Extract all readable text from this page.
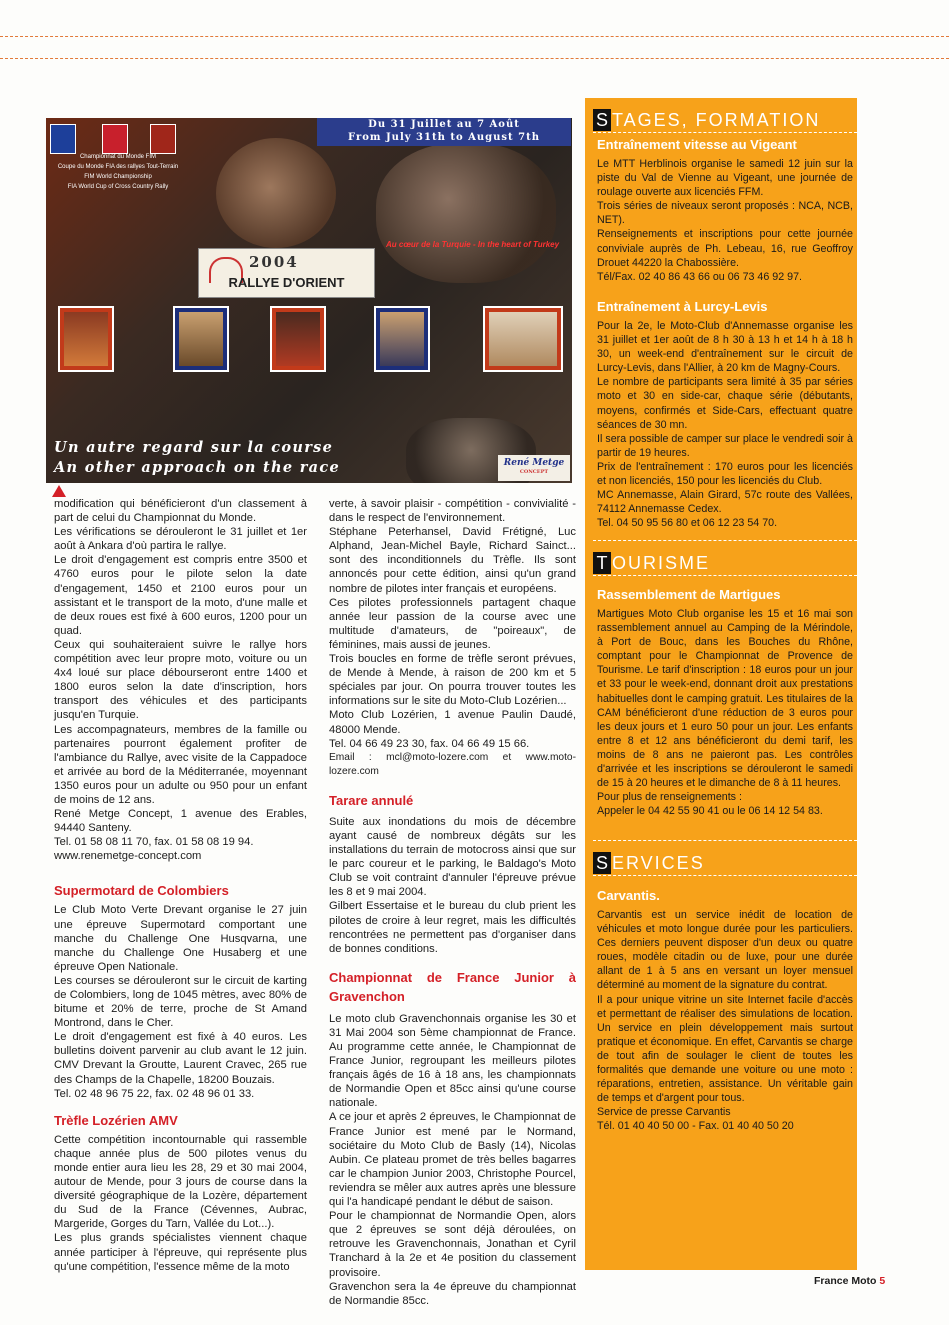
Championnat du Monde FIM
Coupe du Monde FIA des rallyes Tout-Terrain
FIM World Championship
FIA World Cup of Cross Country Rally
Du 31 Juillet au 7 Août
From July 31th to August 7th
Au cœur de la Turquie - In the heart of Turkey
2004
RALLYE D'ORIENT
Un autre regard sur la course
An other approach on the race	René Metge
CONCEPT

modification qui bénéficieront d'un classement à part de celui du Championnat du Monde.

Les vérifications se dérouleront le 31 juillet et 1er août à Ankara d'où partira le rallye.

Le droit d'engagement est compris entre 3500 et 4760 euros pour le pilote selon la date d'engagement, 1450 et 2100 euros pour un assistant et le transport de la moto, d'une malle et de deux roues est fixé à 600 euros, 1200 pour un quad.

Ceux qui souhaiteraient suivre le rallye hors compétition avec leur propre moto, voiture ou un 4x4 loué sur place débourseront entre 1400 et 1800 euros selon la date d'inscription, hors transport des véhicules et des participants jusqu'en Turquie.

Les accompagnateurs, membres de la famille ou partenaires pourront également profiter de l'ambiance du Rallye, avec visite de la Cappadoce et arrivée au bord de la Méditerranée, moyennant 1350 euros pour un adulte ou 950 pour un enfant de moins de 12 ans.

René Metge Concept, 1 avenue des Erables, 94440 Santeny.

Tel. 01 58 08 11 70, fax. 01 58 08 19 94.

www.renemetge-concept.com

Supermotard de Colombiers

Le Club Moto Verte Drevant organise le 27 juin une épreuve Supermotard comportant une manche du Challenge One Husqvarna, une manche du Challenge One Husaberg et une épreuve Open Nationale.

Les courses se dérouleront sur le circuit de karting de Colombiers, long de 1045 mètres, avec 80% de bitume et 20% de terre, proche de St Amand Montrond, dans le Cher.

Le droit d'engagement est fixé à 40 euros. Les bulletins doivent parvenir au club avant le 12 juin. CMV Drevant la Groutte, Laurent Cravec, 265 rue des Champs de la Chapelle, 18200 Bouzais.

Tel. 02 48 96 75 22, fax. 02 48 96 01 33.

Trèfle Lozérien AMV

Cette compétition incontournable qui rassemble chaque année plus de 500 pilotes venus du monde entier aura lieu les 28, 29 et 30 mai 2004, autour de Mende, pour 3 jours de course dans la diversité géographique de la Lozère, département du Sud de la France (Cévennes, Aubrac, Margeride, Gorges du Tarn, Vallée du Lot...).

Les plus grands spécialistes viennent chaque année participer à l'épreuve, qui représente plus qu'une compétition, l'essence même de la moto

verte, à savoir plaisir - compétition - convivialité - dans le respect de l'environnement.

Stéphane Peterhansel, David Frétigné, Luc Alphand, Jean-Michel Bayle, Richard Sainct... sont des inconditionnels du Trèfle. Ils sont annoncés pour cette édition, ainsi qu'un grand nombre de pilotes inter français et européens.

Ces pilotes professionnels partagent chaque année leur passion de la course avec une multitude d'amateurs, de "poireaux", de féminines, mais aussi de jeunes.

Trois boucles en forme de trèfle seront prévues, de Mende à Mende, à raison de 200 km et 5 spéciales par jour. On pourra trouver toutes les informations sur le site du Moto-Club Lozérien...

Moto Club Lozérien, 1 avenue Paulin Daudé, 48000 Mende.

Tel. 04 66 49 23 30, fax. 04 66 49 15 66.

Email : mcl@moto-lozere.com et www.moto-lozere.com

Tarare annulé

Suite aux inondations du mois de décembre ayant causé de nombreux dégâts sur les installations du terrain de motocross ainsi que sur le parc coureur et le parking, le Baldago's Moto Club se voit contraint d'annuler l'épreuve prévue les 8 et 9 mai 2004.

Gilbert Essertaise et le bureau du club prient les pilotes de croire à leur regret, mais les difficultés rencontrées ne permettent pas d'organiser dans de bonnes conditions.

Championnat de France Junior à Gravenchon

Le moto club Gravenchonnais organise les 30 et 31 Mai 2004 son 5ème championnat de France. Au programme cette année, le Championnat de France Junior, regroupant les meilleurs pilotes français âgés de 16 à 18 ans, les championnats de Normandie Open et 85cc ainsi qu'une course nationale.

A ce jour et après 2 épreuves, le Championnat de France Junior est mené par le Normand, sociétaire du Moto Club de Basly (14), Nicolas Aubin. Ce plateau promet de très belles bagarres car le champion Junior 2003, Christophe Pourcel, reviendra se mêler aux autres après une blessure qui l'a handicapé pendant le début de saison.

Pour le championnat de Normandie Open, alors que 2 épreuves se sont déjà déroulées, on retrouve les Gravenchonnais, Jonathan et Cyril Tranchard à la 2e et 4e position du classement provisoire.

Gravenchon sera la 4e épreuve du championnat de Normandie 85cc.

S TAGES, FORMATION
Entraînement vitesse au Vigeant

Le MTT Herblinois organise le samedi 12 juin sur la piste du Val de Vienne au Vigeant, une journée de roulage ouverte aux licenciés FFM.

Trois séries de niveaux seront proposés : NCA, NCB, NET).

Renseignements et inscriptions pour cette journée conviviale auprès de Ph. Lebeau, 16, rue Geoffroy Drouet 44220 la Chabossière.

Tél/Fax. 02 40 86 43 66 ou 06 73 46 92 97.

Entraînement à Lurcy-Levis

Pour la 2e, le Moto-Club d'Annemasse organise les 31 juillet et 1er août de 8 h 30 à 13 h et 14 h à 18 h 30, un week-end d'entraînement sur le circuit de Lurcy-Levis, dans l'Allier, à 20 km de Magny-Cours.

Le nombre de participants sera limité à 35 par séries moto et 30 en side-car, chaque série (débutants, moyens, confirmés et Side-Cars, effectuant quatre séances de 30 mn.

Il sera possible de camper sur place le vendredi soir à partir de 19 heures.

Prix de l'entraînement : 170 euros pour les licenciés et non licenciés, 150 pour les licenciés du Club.

MC Annemasse, Alain Girard, 57c route des Vallées, 74112 Annemasse Cedex.

Tel. 04 50 95 56 80 et 06 12 23 54 70.

T OURISME
Rassemblement de Martigues

Martigues Moto Club organise les 15 et 16 mai son rassemblement annuel au Camping de la Mérindole, à Port de Bouc, dans les Bouches du Rhône, comptant pour le Championnat de Provence de Tourisme. Le tarif d'inscription : 18 euros pour un jour et 33 pour le week-end, donnant droit aux prestations habituelles dont le camping gratuit. Les titulaires de la CAM bénéficieront d'une réduction de 3 euros pour les deux jours et 1 euro 50 pour un jour. Les enfants entre 8 et 12 ans bénéficieront du demi tarif, les moins de 8 ans ne paieront pas. Les contrôles d'arrivée et les inscriptions se dérouleront le samedi de 15 à 20 heures et le dimanche de 8 à 11 heures.

Pour plus de renseignements :

Appeler le 04 42 55 90 41 ou le 06 14 12 54 83.

S ERVICES
Carvantis.

Carvantis est un service inédit de location de véhicules et moto longue durée pour les particuliers. Ces derniers peuvent disposer d'un deux ou quatre roues, modèle citadin ou de luxe, pour une durée allant de 1 à 5 ans en versant un loyer mensuel déterminé au moment de la signature du contrat.

Il a pour unique vitrine un site Internet facile d'accès et permettant de réaliser des simulations de location. Un service en plein développement mais surtout pratique et économique. En effet, Carvantis se charge de tout afin de soulager le client de toutes les formalités que demande une voiture ou une moto : réparations, entretien, assistance. Un véritable gain de temps et d'argent pour tous.

Service de presse Carvantis

Tél. 01 40 40 50 00 - Fax. 01 40 40 50 20

France Moto 5
